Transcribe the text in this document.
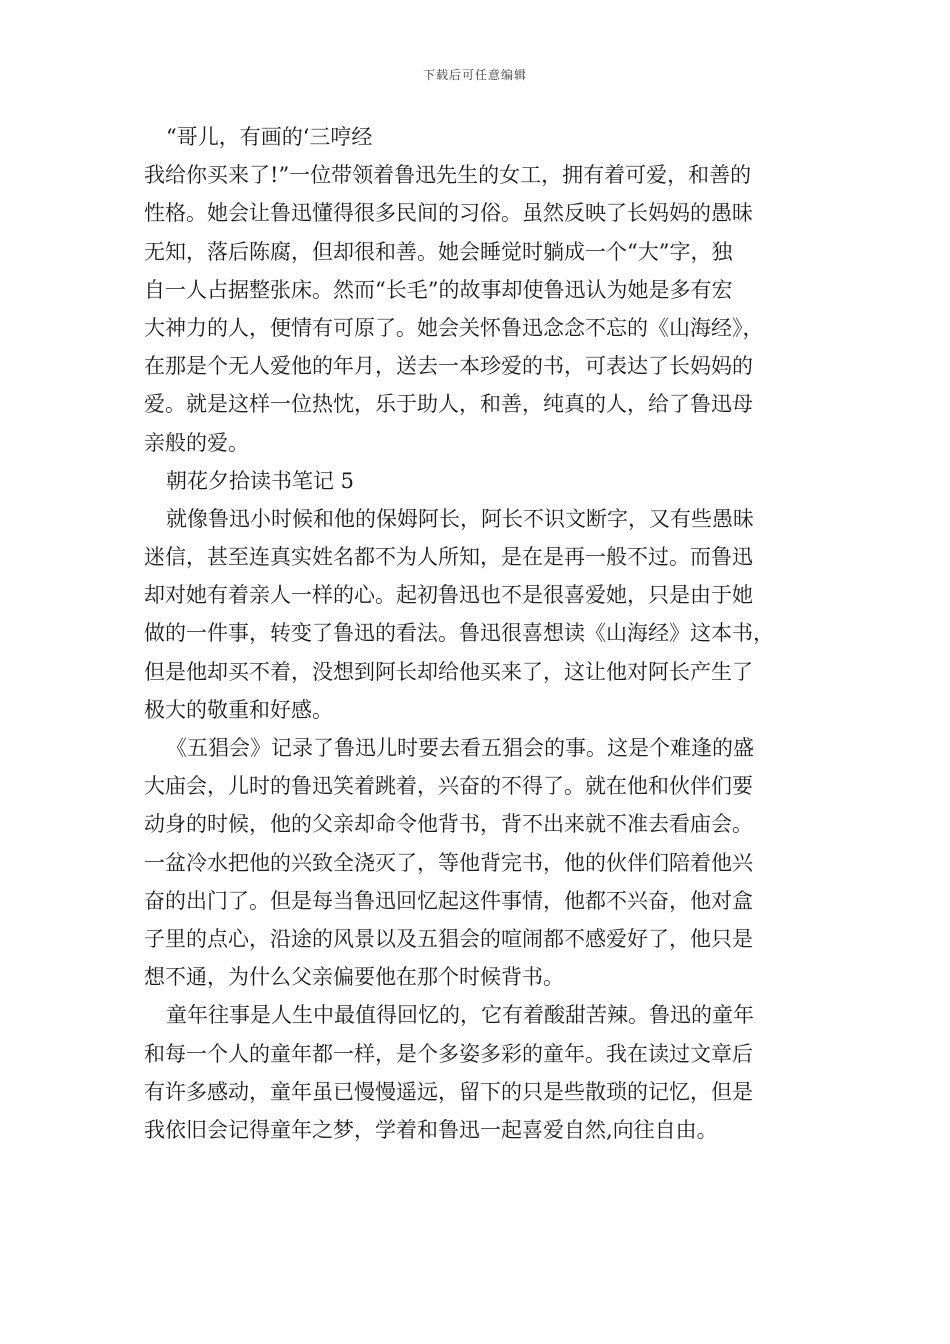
下载后可任意编辑
“哥儿，有画的‘三哼经
我给你买来了!”一位带领着鲁迅先生的女工，拥有着可爱，和善的
性格。她会让鲁迅懂得很多民间的习俗。虽然反映了长妈妈的愚昧
无知，落后陈腐，但却很和善。她会睡觉时躺成一个“大”字，独
自一人占据整张床。然而“长毛”的故事却使鲁迅认为她是多有宏
大神力的人，便情有可原了。她会关怀鲁迅念念不忘的《山海经》，
在那是个无人爱他的年月，送去一本珍爱的书，可表达了长妈妈的
爱。就是这样一位热忱，乐于助人，和善，纯真的人，给了鲁迅母
亲般的爱。
朝花夕拾读书笔记 5
就像鲁迅小时候和他的保姆阿长，阿长不识文断字，又有些愚昧
迷信，甚至连真实姓名都不为人所知，是在是再一般不过。而鲁迅
却对她有着亲人一样的心。起初鲁迅也不是很喜爱她，只是由于她
做的一件事，转变了鲁迅的看法。鲁迅很喜想读《山海经》这本书，
但是他却买不着，没想到阿长却给他买来了，这让他对阿长产生了
极大的敬重和好感。
《五猖会》记录了鲁迅儿时要去看五猖会的事。这是个难逢的盛
大庙会，儿时的鲁迅笑着跳着，兴奋的不得了。就在他和伙伴们要
动身的时候，他的父亲却命令他背书，背不出来就不准去看庙会。
一盆冷水把他的兴致全浇灭了，等他背完书，他的伙伴们陪着他兴
奋的出门了。但是每当鲁迅回忆起这件事情，他都不兴奋，他对盒
子里的点心，沿途的风景以及五猖会的喧闹都不感爱好了，他只是
想不通，为什么父亲偏要他在那个时候背书。
童年往事是人生中最值得回忆的，它有着酸甜苦辣。鲁迅的童年
和每一个人的童年都一样，是个多姿多彩的童年。我在读过文章后
有许多感动，童年虽已慢慢遥远，留下的只是些散琐的记忆，但是
我依旧会记得童年之梦，学着和鲁迅一起喜爱自然,向往自由。
